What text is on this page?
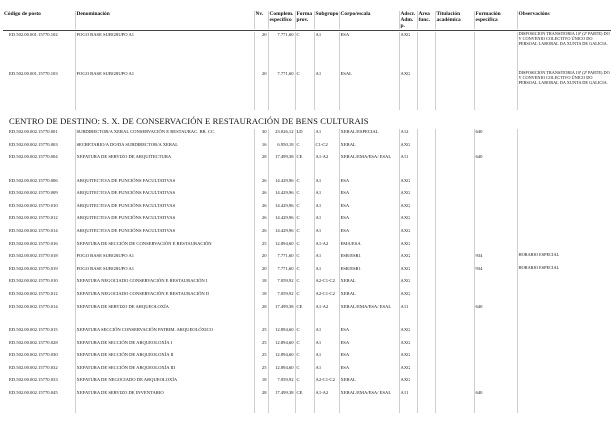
Código de posto	Denominación	Nv.	Complem. específico	Forma prov.	Subgrupo	Corpo/escala	Adscr. Adm. p.	Área func.	Titulación académica	Formación específica	Observacións
ED.502.00.001.15770.102	FOGO BASE SUBGRUPO A1	20	7.771,60	C	A1	ESA	AXG				DISPOSICIÓN TRANSITORIA 10ª (2ª PARTE) DO V CONVENIO COLECTIVO ÚNICO DO PERSOAL LABORAL DA XUNTA DE GALICIA.
ED.502.00.001.15770.103	FOGO BASE SUBGRUPO A1	20	7.771,60	C	A1	ESAL	AXG				DISPOSICIÓN TRANSITORIA 10ª (2ª PARTE) DO V CONVENIO COLECTIVO ÚNICO DO PERSOAL LABORAL DA XUNTA DE GALICIA.
CENTRO DE DESTINO: S. X. DE CONSERVACIÓN E RESTAURACIÓN DE BENS CULTURAIS
ED.502.00.002.15770.001	SUBDIRECTOR/A XERAL CONSERVACIÓN E RESTAURAC. BB. CC.	30	23.026,12	LD	A1	XERAL/ESPECIAL	A12			640	
ED.502.00.002.15770.003	SECRETARIO/A DO/DA SUBDIRECTOR/A XERAL	16	6.950,18	C	C1-C2	XERAL	AXG				
ED.502.00.002.15770.004	XEFATURA DE SERVIZO DE ARQUITECTURA	28	17.499,38	CE	A1-A2	XERAL/EMA/ESA/ ESAL	A11			640	
ED.502.00.002.15770.006	ARQUITECTO/A DE FUNCIÓNS FACULTATIVAS	26	14.429,96	C	A1	ESA	AXG				
ED.502.00.002.15770.009	ARQUITECTO/A DE FUNCIÓNS FACULTATIVAS	26	14.429,96	C	A1	ESA	AXG				
ED.502.00.002.15770.010	ARQUITECTO/A DE FUNCIÓNS FACULTATIVAS	26	14.429,96	C	A1	ESA	AXG				
ED.502.00.002.15770.012	ARQUITECTO/A DE FUNCIÓNS FACULTATIVAS	26	14.429,96	C	A1	ESA	AXG				
ED.502.00.002.15770.014	ARQUITECTO/A DE FUNCIÓNS FACULTATIVAS	26	14.429,96	C	A1	ESA	AXG				
ED.502.00.002.15770.016	XEFATURA DE SECCIÓN DE CONSERVACIÓN E RESTAURACIÓN	25	12.894,60	C	A1-A2	EMA/ESA	AXG				
ED.502.00.002.15770.018	FOGO BASE SUBGRUPO A1	20	7.771,60	C	A1	ESR/ESR1	AXG			934	HORARIO ESPECIAL
ED.502.00.002.15770.019	FOGO BASE SUBGRUPO A1	20	7.771,60	C	A1	ESR/ESR1	AXG			934	HORARIO ESPECIAL
ED.502.00.002.15770.010	XEFATURA NEGOCIADO CONSERVACIÓN E RESTAURACIÓN I	18	7.059,92	C	A2-C1-C2	XERAL	AXG				
ED.502.00.002.15770.012	XEFATURA NEGOCIADO CONSERVACIÓN E RESTAURACIÓN II	18	7.059,92	C	A2-C1-C2	XERAL	AXG				
ED.502.00.002.15770.014	XEFATURA DE SERVIZO DE ARQUEOLOXÍA	28	17.499,38	CE	A1-A2	XERAL/EMA/ESA/ ESAL	A11			640	
ED.502.00.002.15770.015	XEFATURA SECCIÓN CONSERVACIÓN PATRIM. ARQUEOLÓXICO	25	12.894,60	C	A1	ESA	AXG				
ED.502.00.002.15770.028	XEFATURA DE SECCIÓN DE ARQUEOLOXÍA I	25	12.894,60	C	A1	ESA	AXG				
ED.502.00.002.15770.030	XEFATURA DE SECCIÓN DE ARQUEOLOXÍA II	25	12.894,60	C	A1	ESA	AXG				
ED.502.00.002.15770.032	XEFATURA DE SECCIÓN DE ARQUEOLOXÍA III	25	12.894,60	C	A1	ESA	AXG				
ED.502.00.002.15770.033	XEFATURA DE NEGOCIADO DE ARQUEOLOXÍA	18	7.059,92	C	A2-C1-C2	XERAL	AXG				
ED.502.00.002.15770.045	XEFATURA DE SERVIZO DE INVENTARIO	28	17.499,38	CE	A1-A2	XERAL/EMA/ESA/ ESAL	A11			640	
